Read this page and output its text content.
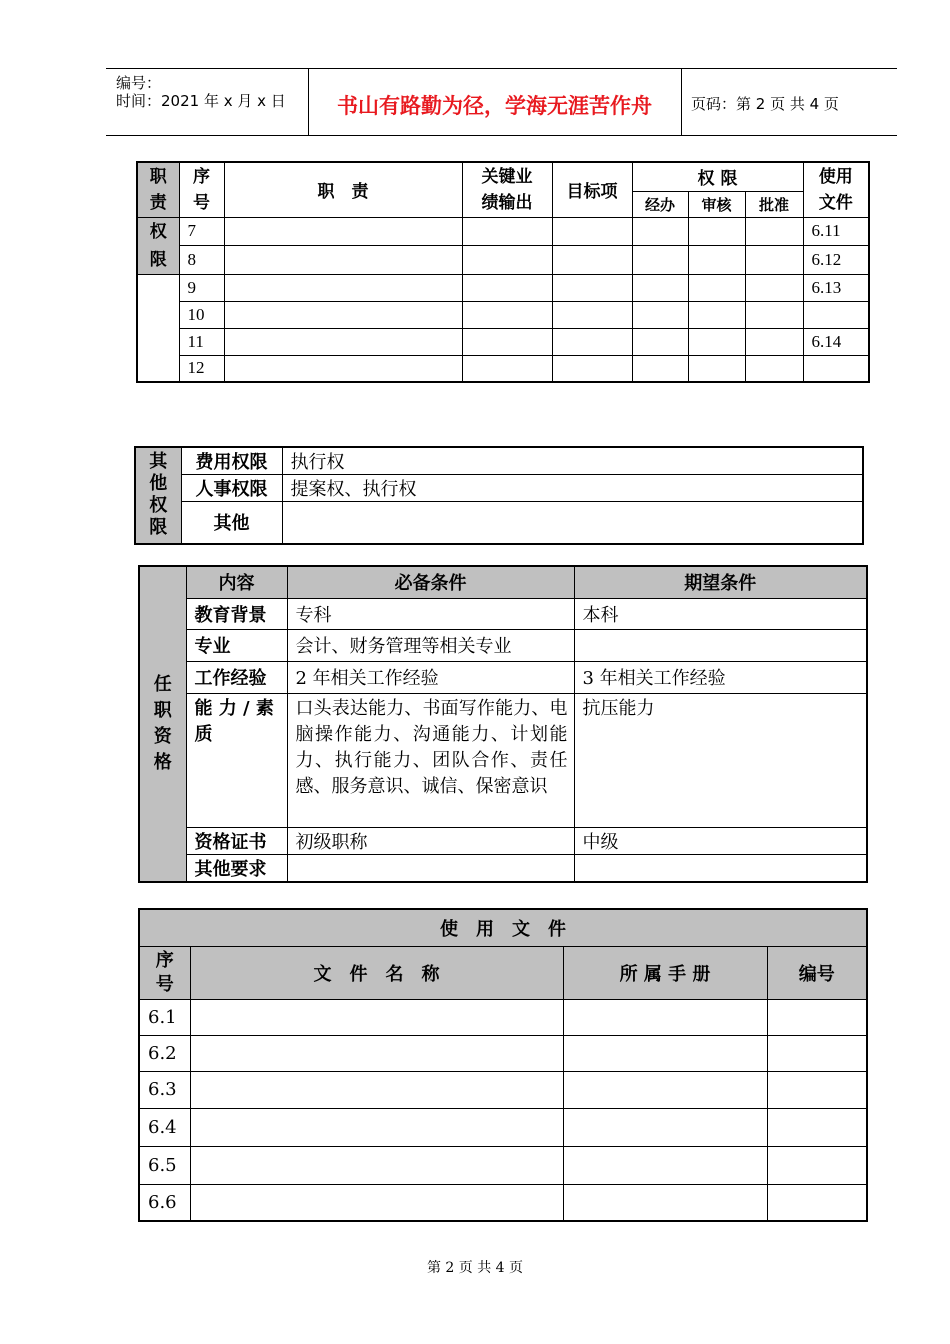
编号：
时间：2021 年 x 月 x 日	书山有路勤为径，学海无涯苦作舟	页码：第 2 页 共 4 页
职责	序号	职　责	关键业绩输出	目标项	权 限			使用文件
					经办	审核	批准	
权限	7							6.11
	8							6.12
	9							6.13
	10							
	11							6.14
	12							
其他权限	费用权限	执行权
	人事权限	提案权、执行权
	其他	
任职资格	内容	必备条件	期望条件
	教育背景	专科	本科
	专业	会计、财务管理等相关专业	
	工作经验	2 年相关工作经验	3 年相关工作经验
	能 力 / 素质	口头表达能力、书面写作能力、电脑操作能力、沟通能力、计划能力、执行能力、团队合作、责任感、服务意识、诚信、保密意识	抗压能力
	资格证书	初级职称	中级
	其他要求		
使　用　文　件			
序号	文　件　名　称	所 属 手 册	编号
6.1			
6.2			
6.3			
6.4			
6.5			
6.6			
第 2 页 共 4 页
